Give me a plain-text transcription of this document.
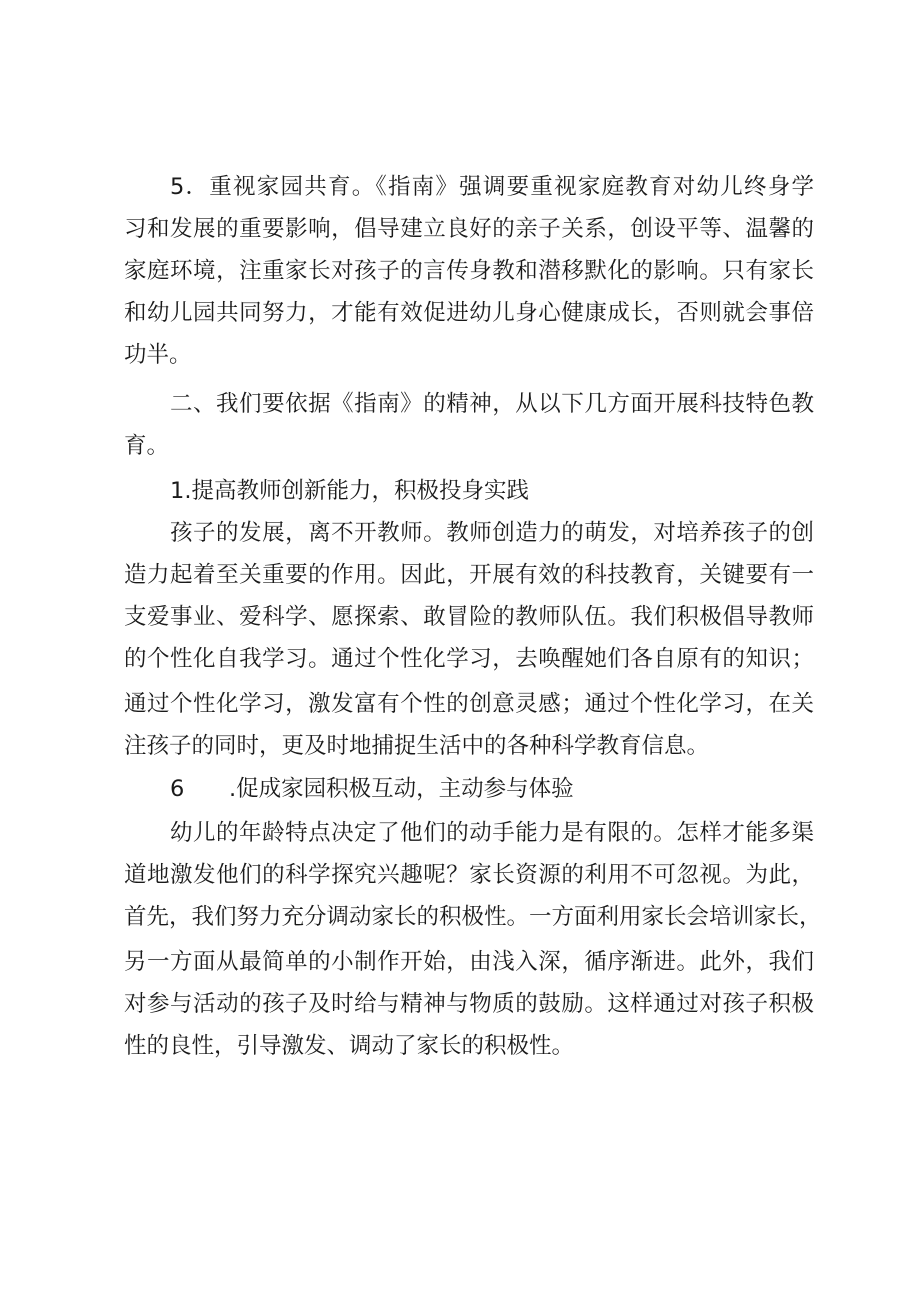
5．重视家园共育。《指南》强调要重视家庭教育对幼儿终身学
习和发展的重要影响，倡导建立良好的亲子关系，创设平等、温馨的
家庭环境，注重家长对孩子的言传身教和潜移默化的影响。只有家长
和幼儿园共同努力，才能有效促进幼儿身心健康成长，否则就会事倍
功半。
二、我们要依据《指南》的精神，从以下几方面开展科技特色教
育。
1.提高教师创新能力，积极投身实践
孩子的发展，离不开教师。教师创造力的萌发，对培养孩子的创
造力起着至关重要的作用。因此，开展有效的科技教育，关键要有一
支爱事业、爱科学、愿探索、敢冒险的教师队伍。我们积极倡导教师
的个性化自我学习。通过个性化学习，去唤醒她们各自原有的知识；
通过个性化学习，激发富有个性的创意灵感；通过个性化学习，在关
注孩子的同时，更及时地捕捉生活中的各种科学教育信息。
6 .促成家园积极互动，主动参与体验
幼儿的年龄特点决定了他们的动手能力是有限的。怎样才能多渠
道地激发他们的科学探究兴趣呢？家长资源的利用不可忽视。为此，
首先，我们努力充分调动家长的积极性。一方面利用家长会培训家长，
另一方面从最简单的小制作开始，由浅入深，循序渐进。此外，我们
对参与活动的孩子及时给与精神与物质的鼓励。这样通过对孩子积极
性的良性，引导激发、调动了家长的积极性。
